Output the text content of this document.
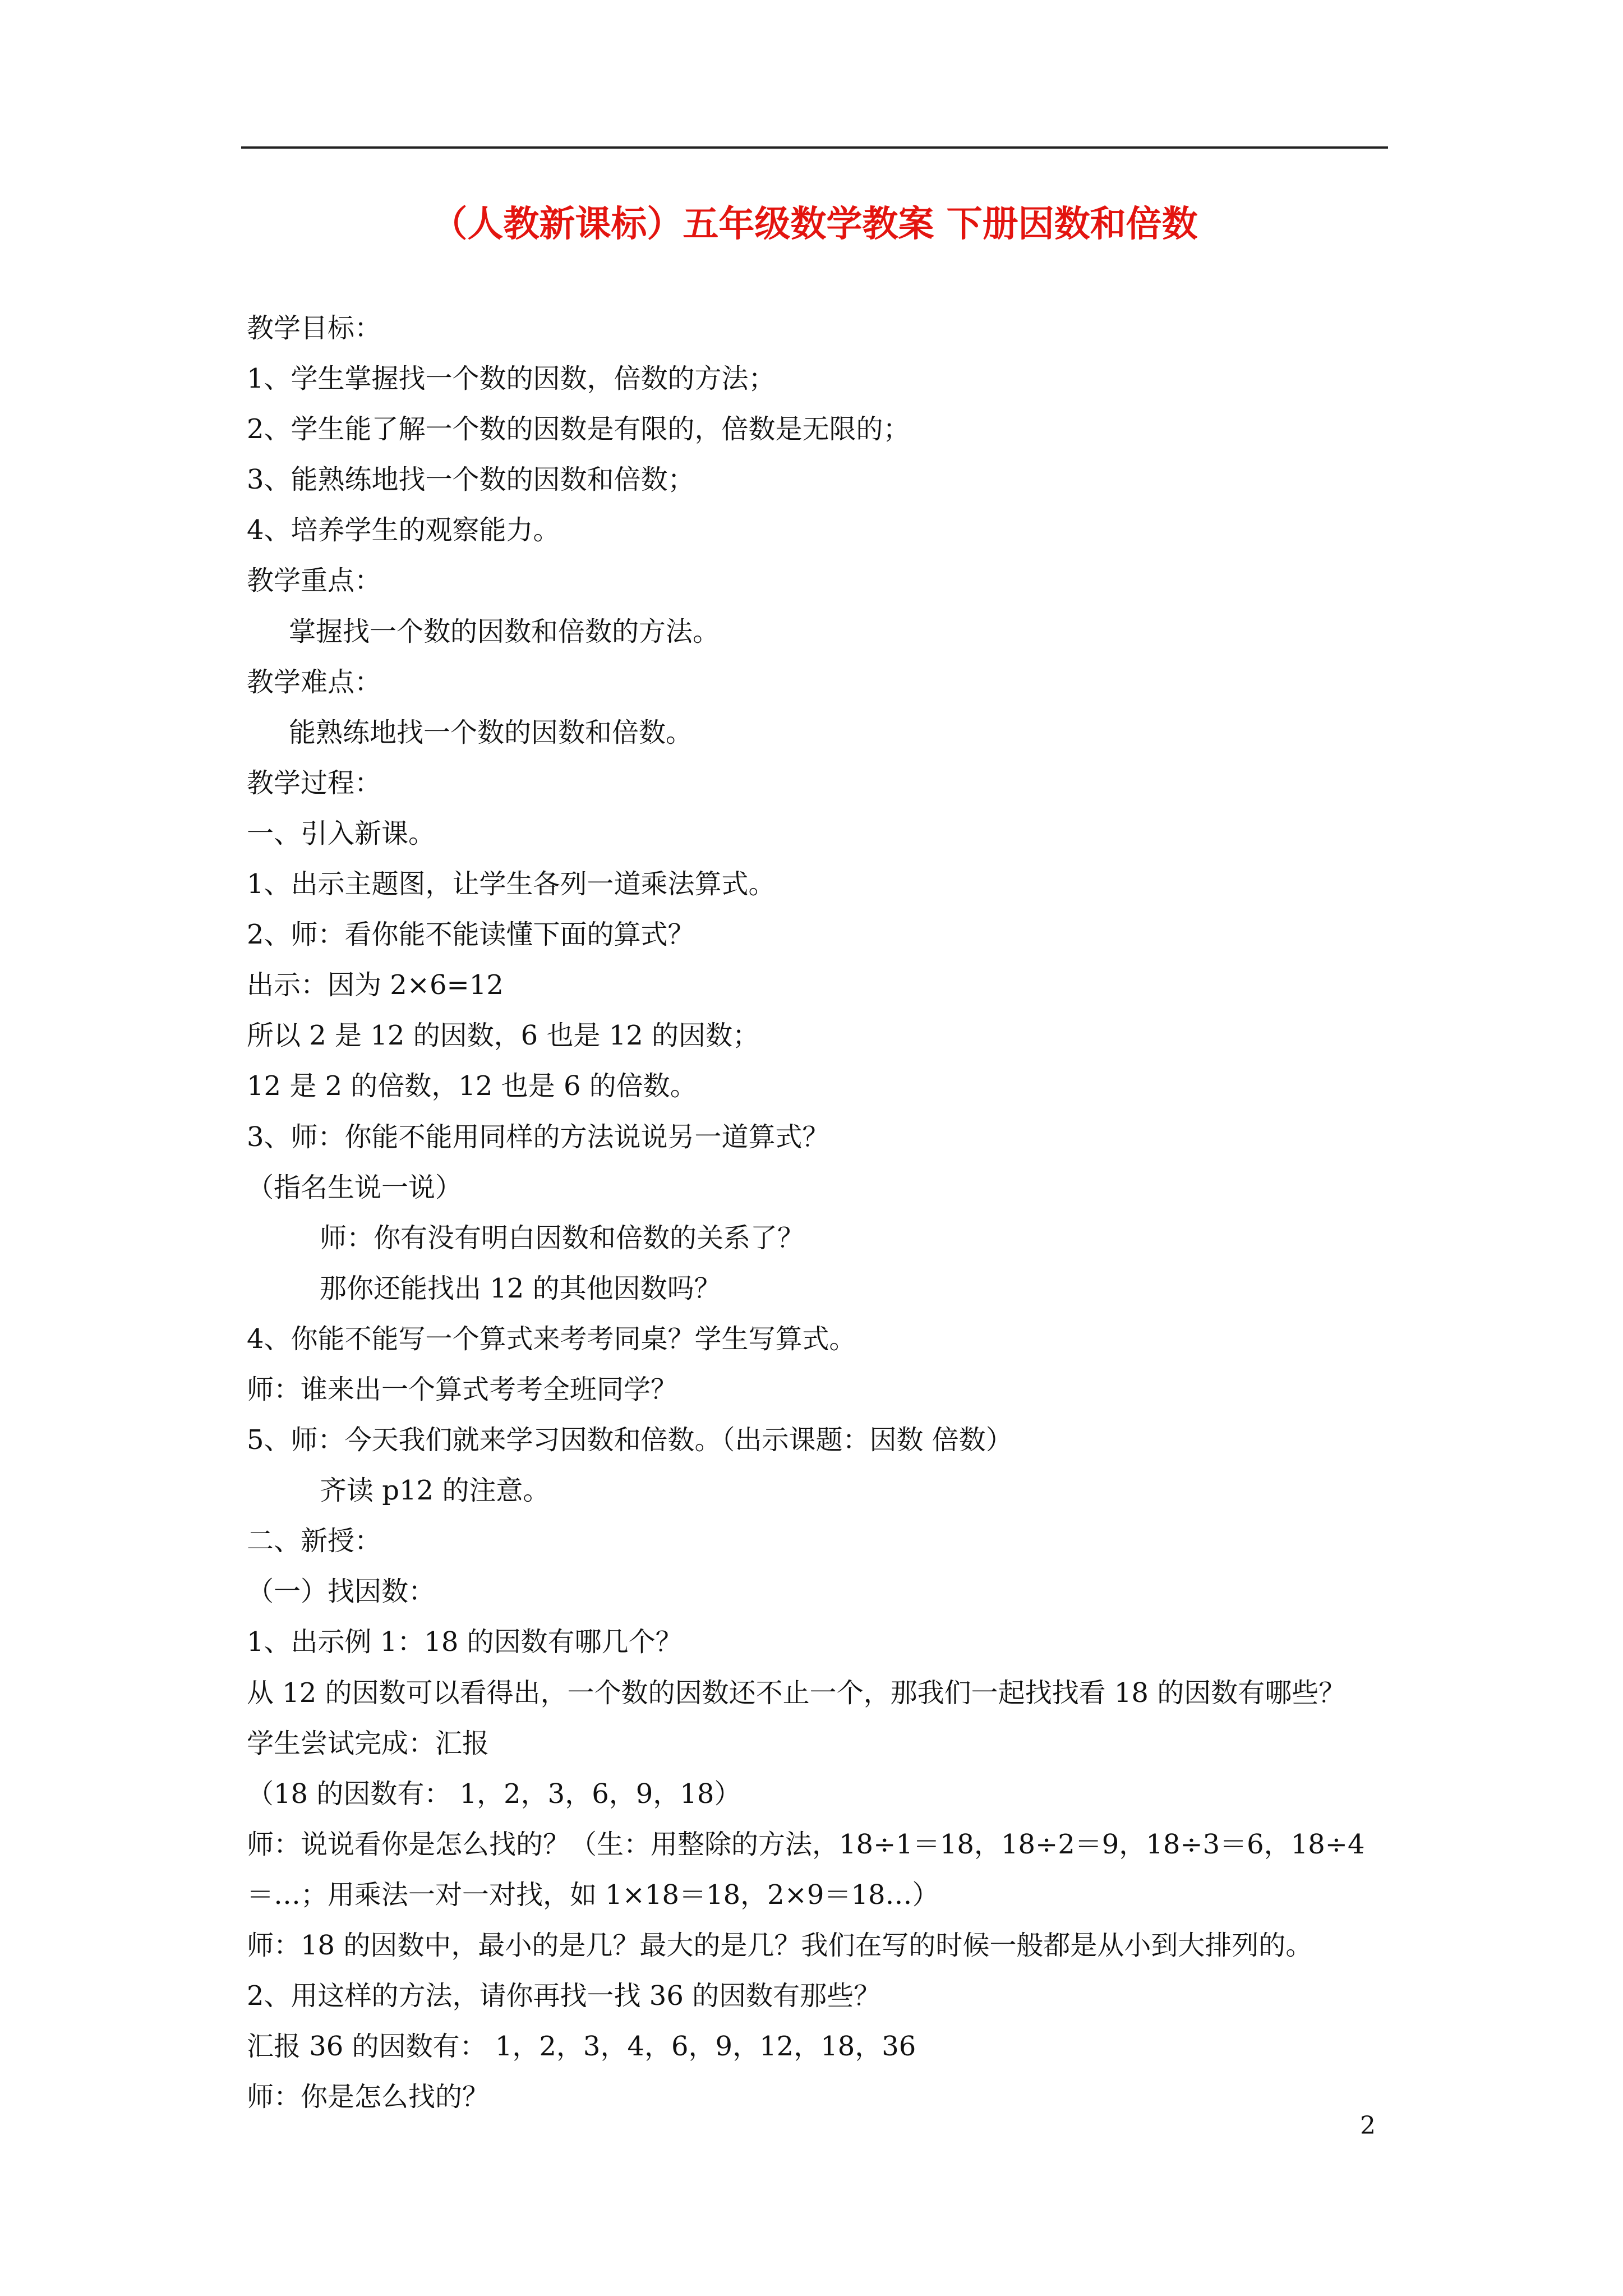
（人教新课标）五年级数学教案 下册因数和倍数
教学目标：
1、学生掌握找一个数的因数，倍数的方法；
2、学生能了解一个数的因数是有限的，倍数是无限的；
3、能熟练地找一个数的因数和倍数；
4、培养学生的观察能力。
教学重点：
掌握找一个数的因数和倍数的方法。
教学难点：
能熟练地找一个数的因数和倍数。
教学过程：
一、引入新课。
1、出示主题图，让学生各列一道乘法算式。
2、师：看你能不能读懂下面的算式？
出示：因为 2×6=12
所以 2 是 12 的因数，6 也是 12 的因数；
12 是 2 的倍数，12 也是 6 的倍数。
3、师：你能不能用同样的方法说说另一道算式？
（指名生说一说）
师：你有没有明白因数和倍数的关系了？
那你还能找出 12 的其他因数吗？
4、你能不能写一个算式来考考同桌？学生写算式。
师：谁来出一个算式考考全班同学？
5、师：今天我们就来学习因数和倍数。（出示课题：因数 倍数）
齐读 p12 的注意。
二、新授：
（一）找因数：
1、出示例 1：18 的因数有哪几个？
从 12 的因数可以看得出，一个数的因数还不止一个，那我们一起找找看 18 的因数有哪些？
学生尝试完成：汇报
（18 的因数有： 1，2，3，6，9，18）
师：说说看你是怎么找的？（生：用整除的方法，18÷1＝18，18÷2＝9，18÷3＝6，18÷4＝…；用乘法一对一对找，如 1×18＝18，2×9＝18…）
师：18 的因数中，最小的是几？最大的是几？我们在写的时候一般都是从小到大排列的。
2、用这样的方法，请你再找一找 36 的因数有那些？
汇报 36 的因数有： 1，2，3，4，6，9，12，18，36
师：你是怎么找的？
2
